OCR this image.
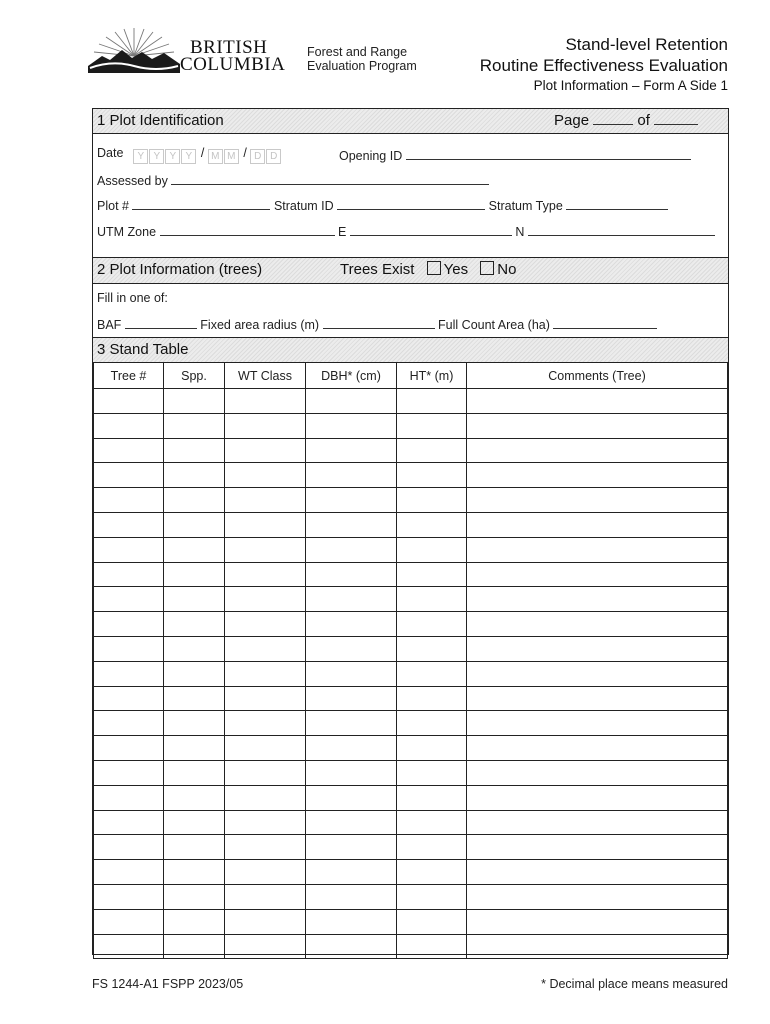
BRITISH
COLUMBIA
Forest and Range
Evaluation Program
Stand-level Retention
Routine Effectiveness Evaluation
Plot Information – Form A Side 1
1 Plot Identification	Page	of
Date Y Y Y Y / M M / D D	Opening ID
Assessed by
Plot #	Stratum ID	Stratum Type
UTM Zone	E	N
2 Plot Information (trees)	Trees Exist Yes No
Fill in one of:
BAF	Fixed area radius (m)	Full Count Area (ha)
3 Stand Table
Tree #	Spp.	WT Class	DBH* (cm)	HT* (m)	Comments (Tree)

FS 1244-A1 FSPP 2023/05	* Decimal place means measured
